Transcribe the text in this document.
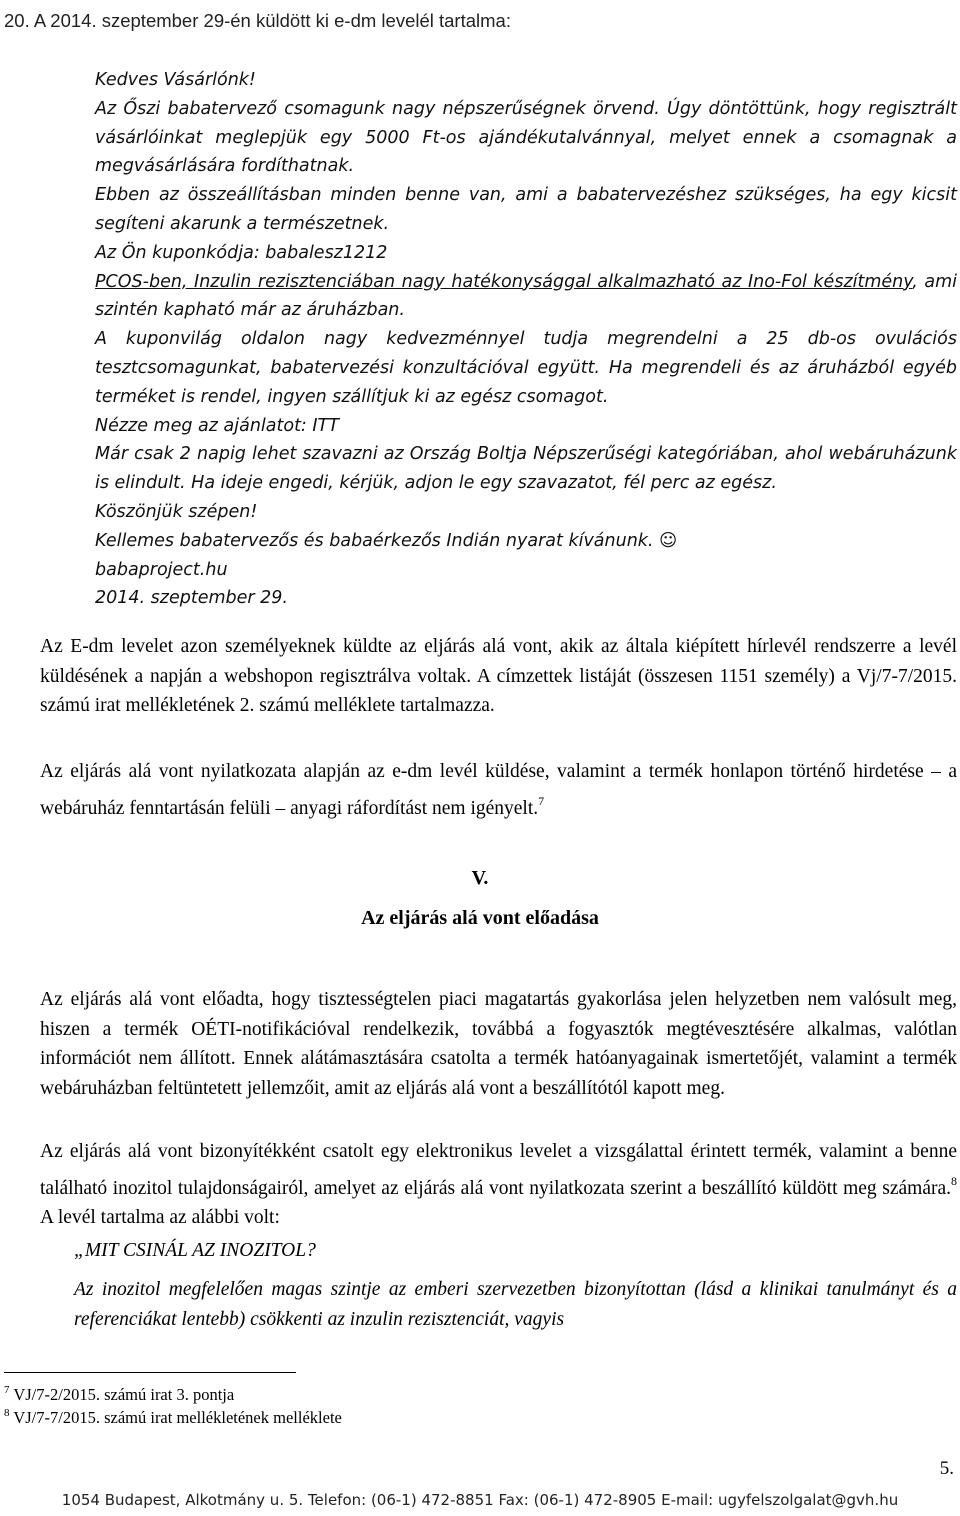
20. A 2014. szeptember 29-én küldött ki e-dm levelél tartalma:

Kedves Vásárlónk!

Az Őszi babatervező csomagunk nagy népszerűségnek örvend. Úgy döntöttünk, hogy regisztrált vásárlóinkat meglepjük egy 5000 Ft-os ajándékutalvánnyal, melyet ennek a csomagnak a megvásárlására fordíthatnak.

Ebben az összeállításban minden benne van, ami a babatervezéshez szükséges, ha egy kicsit segíteni akarunk a természetnek.

Az Ön kuponkódja: babalesz1212

PCOS-ben, Inzulin rezisztenciában nagy hatékonysággal alkalmazható az Ino-Fol készítmény, ami szintén kapható már az áruházban.

A kuponvilág oldalon nagy kedvezménnyel tudja megrendelni a 25 db-os ovulációs tesztcsomagunkat, babatervezési konzultációval együtt. Ha megrendeli és az áruházból egyéb terméket is rendel, ingyen szállítjuk ki az egész csomagot.

Nézze meg az ajánlatot: ITT

Már csak 2 napig lehet szavazni az Ország Boltja Népszerűségi kategóriában, ahol webáruházunk is elindult. Ha ideje engedi, kérjük, adjon le egy szavazatot, fél perc az egész.

Köszönjük szépen!

Kellemes babatervezős és babaérkezős Indián nyarat kívánunk. ☺

babaproject.hu

2014. szeptember 29.

Az E-dm levelet azon személyeknek küldte az eljárás alá vont, akik az általa kiépített hírlevél rendszerre a levél küldésének a napján a webshopon regisztrálva voltak. A címzettek listáját (összesen 1151 személy) a Vj/7-7/2015. számú irat mellékletének 2. számú melléklete tartalmazza.
Az eljárás alá vont nyilatkozata alapján az e-dm levél küldése, valamint a termék honlapon történő hirdetése – a webáruház fenntartásán felüli – anyagi ráfordítást nem igényelt.$^7$
V.
Az eljárás alá vont előadása
Az eljárás alá vont előadta, hogy tisztességtelen piaci magatartás gyakorlása jelen helyzetben nem valósult meg, hiszen a termék OÉTI-notifikációval rendelkezik, továbbá a fogyasztók megtévesztésére alkalmas, valótlan információt nem állított. Ennek alátámasztására csatolta a termék hatóanyagainak ismertetőjét, valamint a termék webáruházban feltüntetett jellemzőit, amit az eljárás alá vont a beszállítótól kapott meg.
Az eljárás alá vont bizonyítékként csatolt egy elektronikus levelet a vizsgálattal érintett termék, valamint a benne található inozitol tulajdonságairól, amelyet az eljárás alá vont nyilatkozata szerint a beszállító küldött meg számára.$^8$ A levél tartalma az alábbi volt:
„MIT CSINÁL AZ INOZITOL?
Az inozitol megfelelően magas szintje az emberi szervezetben bizonyítottan (lásd a klinikai tanulmányt és a referenciákat lentebb) csökkenti az inzulin rezisztenciát, vagyis
$^7$ VJ/7-2/2015. számú irat 3. pontja
$^8$ VJ/7-7/2015. számú irat mellékletének melléklete
5.
1054 Budapest, Alkotmány u. 5. Telefon: (06-1) 472-8851 Fax: (06-1) 472-8905 E-mail: ugyfelszolgalat@gvh.hu
